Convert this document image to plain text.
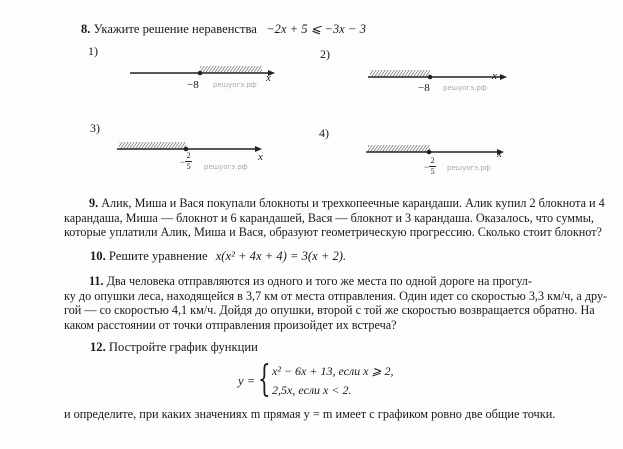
8. Укажите решение неравенства −2x + 5 ⩽ −3x − 3
1)
x
−8 решуогэ.рф
2)
x
−8 решуогэ.рф
3)
x
− $\frac{2}{5}$ решуогэ.рф
4)
x
− $\frac{2}{5}$ решуогэ.рф
9. Алик, Миша и Вася покупали блокноты и трехкопеечные карандаши. Алик купил 2 блокнота и 4
карандаша, Миша — блокнот и 6 карандашей, Вася — блокнот и 3 карандаша. Оказалось, что суммы,
которые уплатили Алик, Миша и Вася, образуют геометрическую прогрессию. Сколько стоит блокнот?
10. Решите уравнение x(x² + 4x + 4) = 3(x + 2).
11. Два человека отправляются из одного и того же места по одной дороге на прогул-
ку до опушки леса, находящейся в 3,7 км от места отправления. Один идет со скоростью 3,3 км/ч, а дру-
гой — со скоростью 4,1 км/ч. Дойдя до опушки, второй с той же скоростью возвращается обратно. На
каком расстоянии от точки отправления произойдет их встреча?
12. Постройте график функции
y = { x² − 6x + 13, если x ⩾ 2,
2,5x, если x < 2.
и определите, при каких значениях m прямая y = m имеет с графиком ровно две общие точки.
